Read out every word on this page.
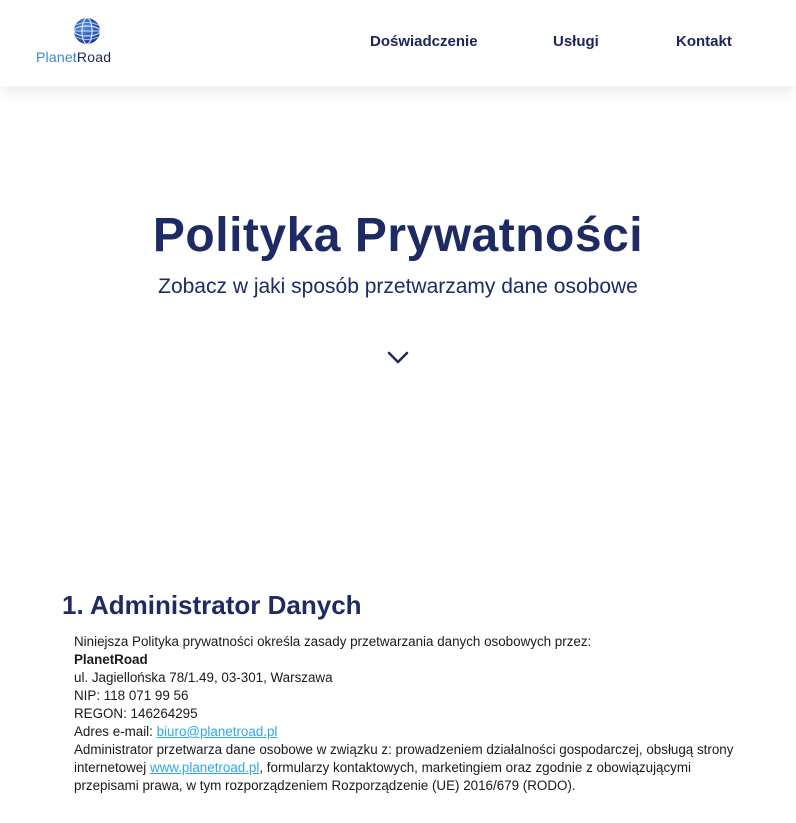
PlanetRoad
Doświadczenie	Usługi	Kontakt
Polityka Prywatności

Zobacz w jaki sposób przetwarzamy dane osobowe

1. Administrator Danych
Niniejsza Polityka prywatności określa zasady przetwarzania danych osobowych przez:
PlanetRoad
ul. Jagiellońska 78/1.49, 03-301, Warszawa
NIP: 118 071 99 56
REGON: 146264295
Adres e-mail: biuro@planetroad.pl
Administrator przetwarza dane osobowe w związku z: prowadzeniem działalności gospodarczej, obsługą strony internetowej www.planetroad.pl, formularzy kontaktowych, marketingiem oraz zgodnie z obowiązującymi przepisami prawa, w tym rozporządzeniem Rozporządzenie (UE) 2016/679 (RODO).
